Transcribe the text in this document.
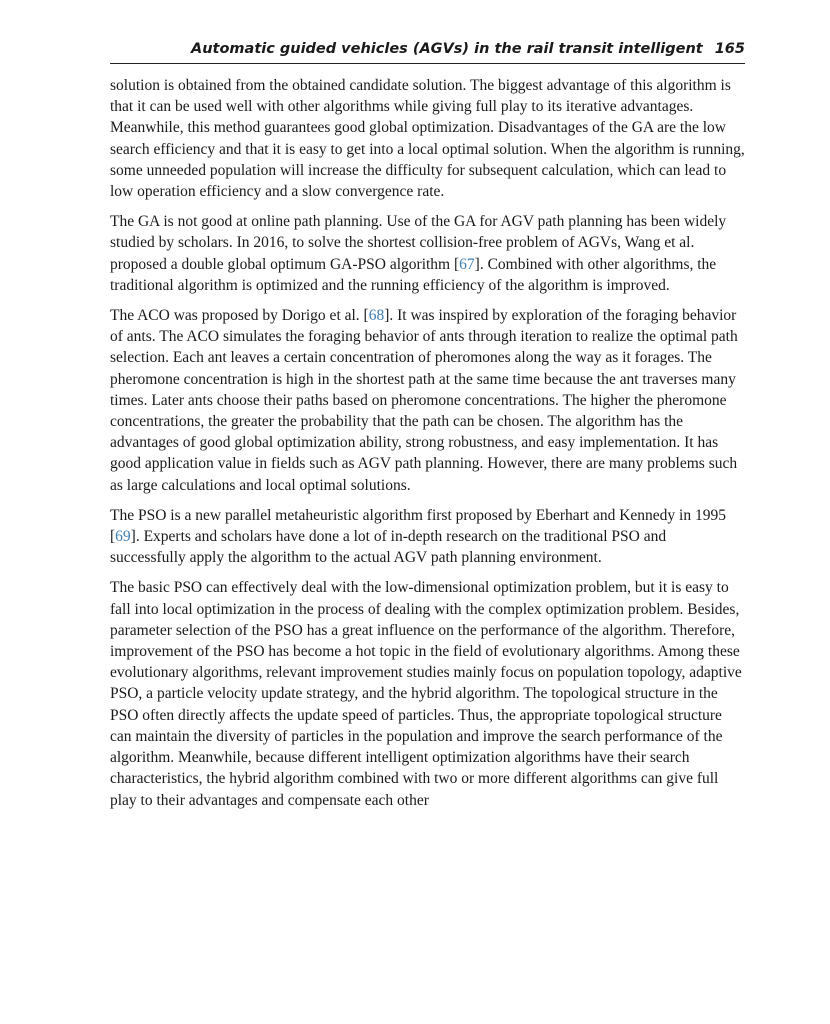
Automatic guided vehicles (AGVs) in the rail transit intelligent 165

solution is obtained from the obtained candidate solution. The biggest advantage of this algorithm is that it can be used well with other algorithms while giving full play to its iterative advantages. Meanwhile, this method guarantees good global optimization. Disadvantages of the GA are the low search efficiency and that it is easy to get into a local optimal solution. When the algorithm is running, some unneeded population will increase the difficulty for subsequent calculation, which can lead to low operation efficiency and a slow convergence rate.

The GA is not good at online path planning. Use of the GA for AGV path planning has been widely studied by scholars. In 2016, to solve the shortest collision-free problem of AGVs, Wang et al. proposed a double global optimum GA-PSO algorithm [67]. Combined with other algorithms, the traditional algorithm is optimized and the running efficiency of the algorithm is improved.

The ACO was proposed by Dorigo et al. [68]. It was inspired by exploration of the foraging behavior of ants. The ACO simulates the foraging behavior of ants through iteration to realize the optimal path selection. Each ant leaves a certain concentration of pheromones along the way as it forages. The pheromone concentration is high in the shortest path at the same time because the ant traverses many times. Later ants choose their paths based on pheromone concentrations. The higher the pheromone concentrations, the greater the probability that the path can be chosen. The algorithm has the advantages of good global optimization ability, strong robustness, and easy implementation. It has good application value in fields such as AGV path planning. However, there are many problems such as large calculations and local optimal solutions.

The PSO is a new parallel metaheuristic algorithm first proposed by Eberhart and Kennedy in 1995 [69]. Experts and scholars have done a lot of in-depth research on the traditional PSO and successfully apply the algorithm to the actual AGV path planning environment.

The basic PSO can effectively deal with the low-dimensional optimization problem, but it is easy to fall into local optimization in the process of dealing with the complex optimization problem. Besides, parameter selection of the PSO has a great influence on the performance of the algorithm. Therefore, improvement of the PSO has become a hot topic in the field of evolutionary algorithms. Among these evolutionary algorithms, relevant improvement studies mainly focus on population topology, adaptive PSO, a particle velocity update strategy, and the hybrid algorithm. The topological structure in the PSO often directly affects the update speed of particles. Thus, the appropriate topological structure can maintain the diversity of particles in the population and improve the search performance of the algorithm. Meanwhile, because different intelligent optimization algorithms have their search characteristics, the hybrid algorithm combined with two or more different algorithms can give full play to their advantages and compensate each other
